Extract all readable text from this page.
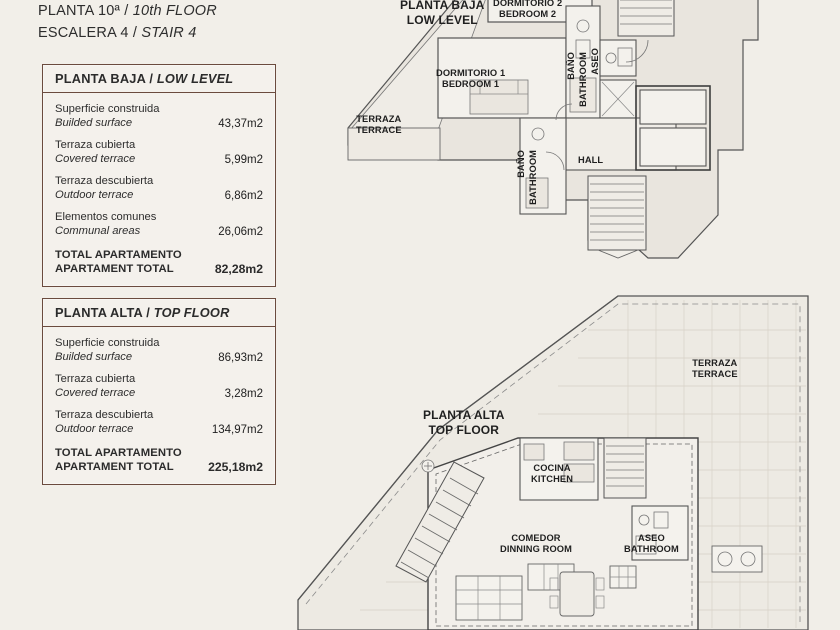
PLANTA 10ª / 10th FLOOR
ESCALERA 4 / STAIR 4
PLANTA BAJA / LOW LEVEL
Superficie construida
Builded surface	43,37m2
Terraza cubierta
Covered terrace	5,99m2
Terraza descubierta
Outdoor terrace	6,86m2
Elementos comunes
Communal areas	26,06m2
TOTAL APARTAMENTO
APARTAMENT TOTAL	82,28m2
PLANTA ALTA / TOP FLOOR
Superficie construida
Builded surface	86,93m2
Terraza cubierta
Covered terrace	3,28m2
Terraza descubierta
Outdoor terrace	134,97m2
TOTAL APARTAMENTO
APARTAMENT TOTAL	225,18m2
PLANTA BAJA
LOW LEVEL
DORMITORIO 2
BEDROOM 2
DORMITORIO 1
BEDROOM 1
BAÑO BATHROOM ASEO
TERRAZA
TERRACE
HALL
BAÑO BATHROOM
PLANTA ALTA
TOP FLOOR
TERRAZA
TERRACE
COCINA
KITCHEN
COMEDOR
DINNING ROOM
ASEO
BATHROOM
